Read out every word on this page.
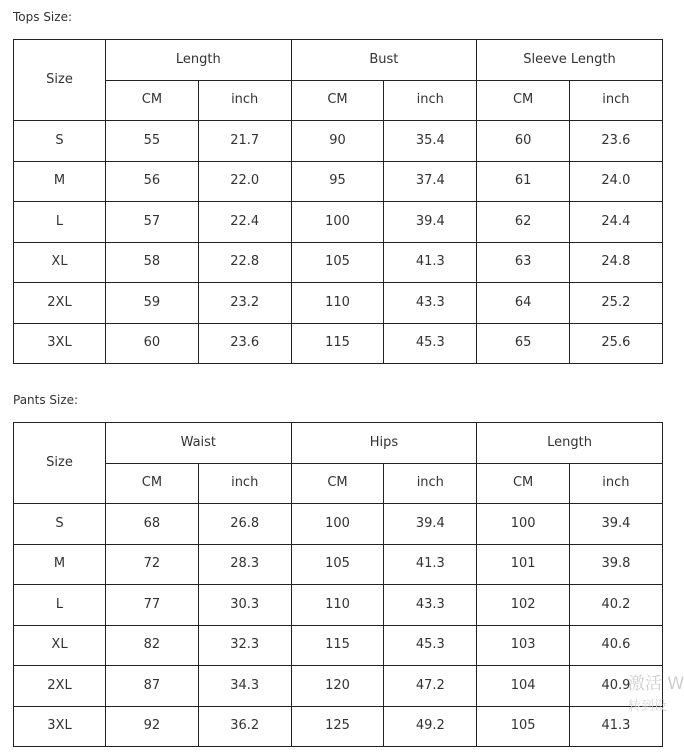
Tops Size:
Size	Length		Bust		Sleeve Length	
	CM	inch	CM	inch	CM	inch
S	55	21.7	90	35.4	60	23.6
M	56	22.0	95	37.4	61	24.0
L	57	22.4	100	39.4	62	24.4
XL	58	22.8	105	41.3	63	24.8
2XL	59	23.2	110	43.3	64	25.2
3XL	60	23.6	115	45.3	65	25.6
Pants Size:
Size	Waist		Hips		Length	
	CM	inch	CM	inch	CM	inch
S	68	26.8	100	39.4	100	39.4
M	72	28.3	105	41.3	101	39.8
L	77	30.3	110	43.3	102	40.2
XL	82	32.3	115	45.3	103	40.6
2XL	87	34.3	120	47.2	104	40.9
3XL	92	36.2	125	49.2	105	41.3
激活 W
转到设
